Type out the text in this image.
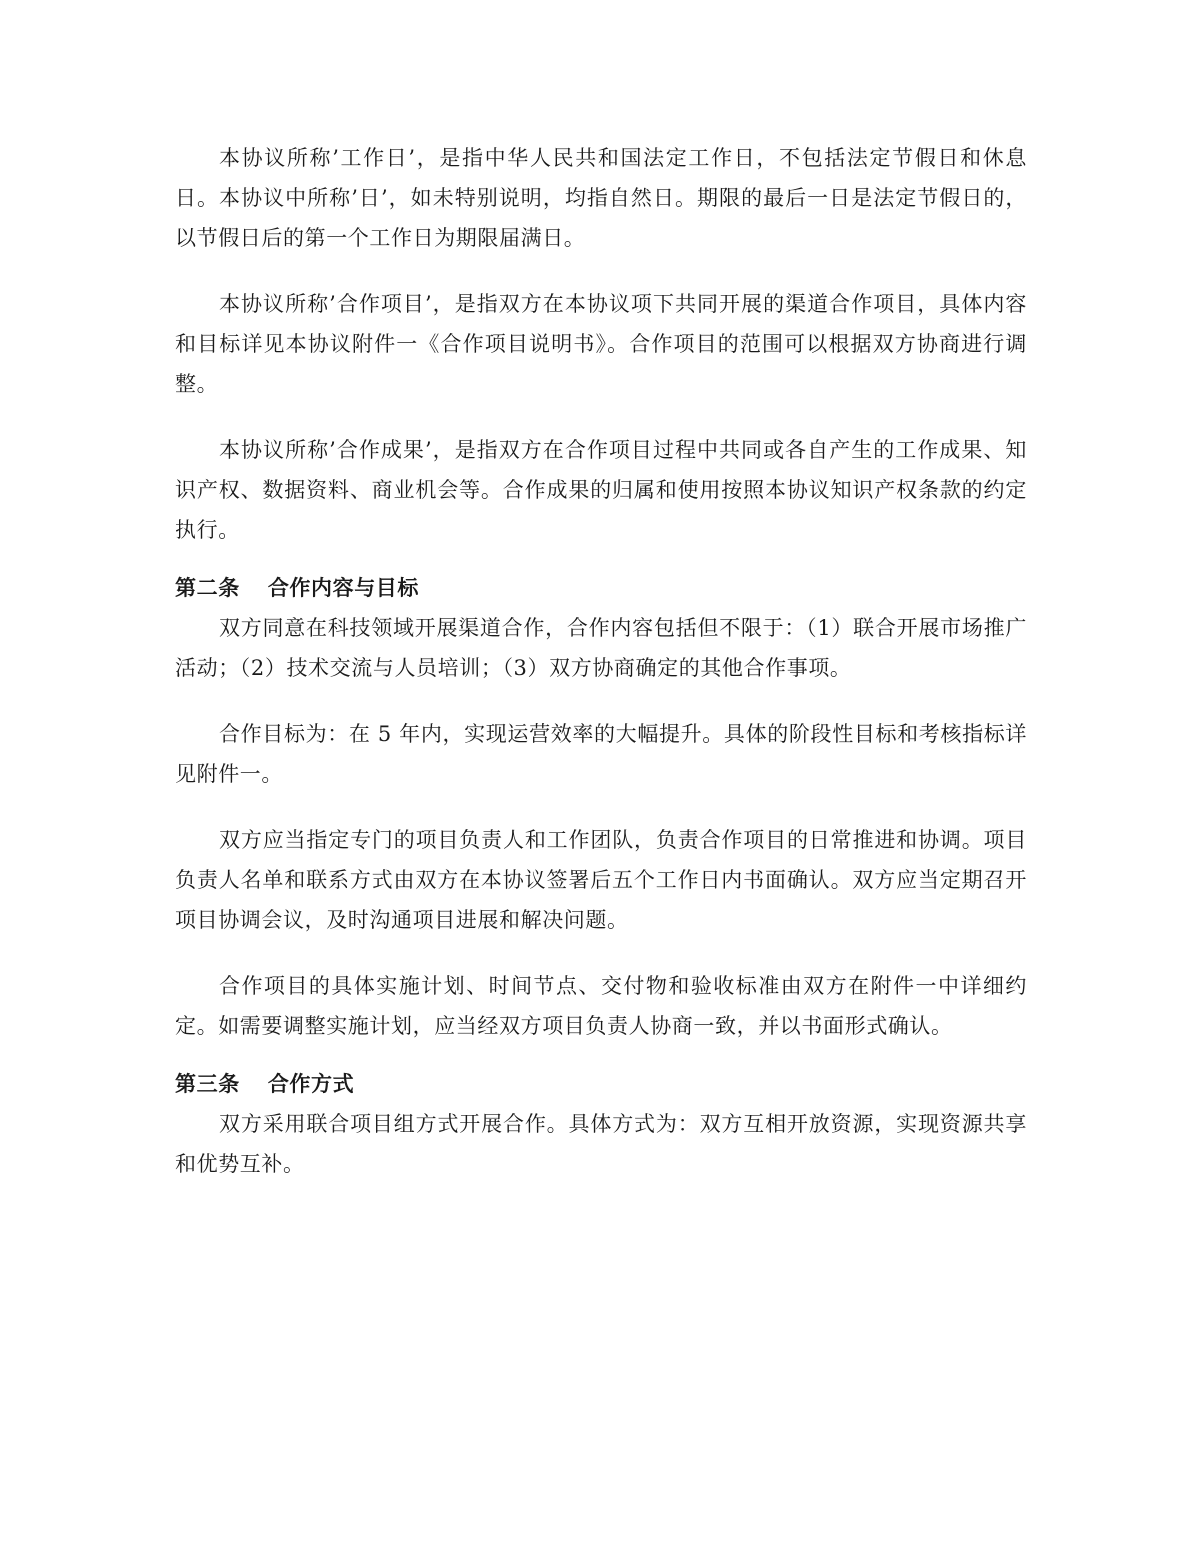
本协议所称’工作日’，是指中华人民共和国法定工作日，不包括法定节假日和休息日。本协议中所称’日’，如未特别说明，均指自然日。期限的最后一日是法定节假日的，以节假日后的第一个工作日为期限届满日。

本协议所称’合作项目’，是指双方在本协议项下共同开展的渠道合作项目，具体内容和目标详见本协议附件一《合作项目说明书》。合作项目的范围可以根据双方协商进行调整。

本协议所称’合作成果’，是指双方在合作项目过程中共同或各自产生的工作成果、知识产权、数据资料、商业机会等。合作成果的归属和使用按照本协议知识产权条款的约定执行。

第二条 合作内容与目标

双方同意在科技领域开展渠道合作，合作内容包括但不限于：（1）联合开展市场推广活动；（2）技术交流与人员培训；（3）双方协商确定的其他合作事项。

合作目标为：在 5 年内，实现运营效率的大幅提升。具体的阶段性目标和考核指标详见附件一。

双方应当指定专门的项目负责人和工作团队，负责合作项目的日常推进和协调。项目负责人名单和联系方式由双方在本协议签署后五个工作日内书面确认。双方应当定期召开项目协调会议，及时沟通项目进展和解决问题。

合作项目的具体实施计划、时间节点、交付物和验收标准由双方在附件一中详细约定。如需要调整实施计划，应当经双方项目负责人协商一致，并以书面形式确认。

第三条 合作方式

双方采用联合项目组方式开展合作。具体方式为：双方互相开放资源，实现资源共享和优势互补。
